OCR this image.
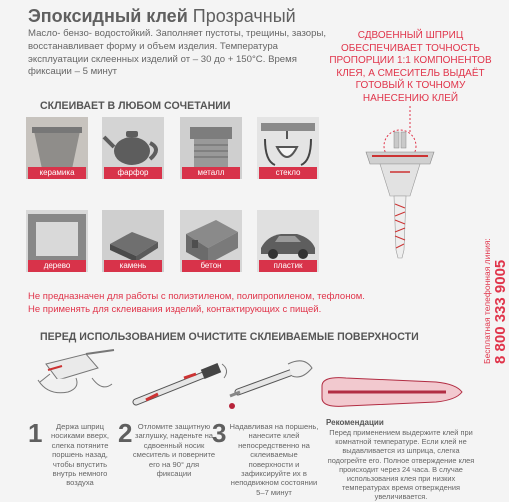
Эпоксидный клей Прозрачный
Масло- бензо- водостойкий. Заполняет пустоты, трещины, зазоры, восстанавливает форму и объем изделия. Температура эксплуатации склеенных изделий от – 30 до + 150°С. Время фиксации – 5 минут
СДВОЕННЫЙ ШПРИЦ ОБЕСПЕЧИВАЕТ ТОЧНОСТЬ ПРОПОРЦИИ 1:1 КОМПОНЕНТОВ КЛЕЯ, А СМЕСИТЕЛЬ ВЫДАЁТ ГОТОВЫЙ К ТОЧНОМУ НАНЕСЕНИЮ КЛЕЙ
СКЛЕИВАЕТ В ЛЮБОМ СОЧЕТАНИИ
керамика	фарфор	металл	стекло
дерево	камень	бетон	пластик
Не предназначен для работы с полиэтиленом, полипропиленом, тефлоном.
Не применять для склеивания изделий, контактирующих с пищей.	Бесплатная телефонная линия: 8 800 333 9005
ПЕРЕД ИСПОЛЬЗОВАНИЕМ ОЧИСТИТЕ СКЛЕИВАЕМЫЕ ПОВЕРХНОСТИ
1	Держа шприц носиками вверх, слегка потяните поршень назад, чтобы впустить внутрь немного воздуха
2 Отломите защитную заглушку, наденьте на сдвоенный носик смеситель и поверните его на 90° для фиксации
3 Надавливая на поршень, нанесите клей непосредственно на склеиваемые поверхности и зафиксируйте их в неподвижном состоянии 5–7 минут
Рекомендации
Перед применением выдержите клей при комнатной температуре. Если клей не выдавливается из шприца, слегка подогрейте его. Полное отверждение клея происходит через 24 часа. В случае использования клея при низких температурах время отверждения увеличивается.
